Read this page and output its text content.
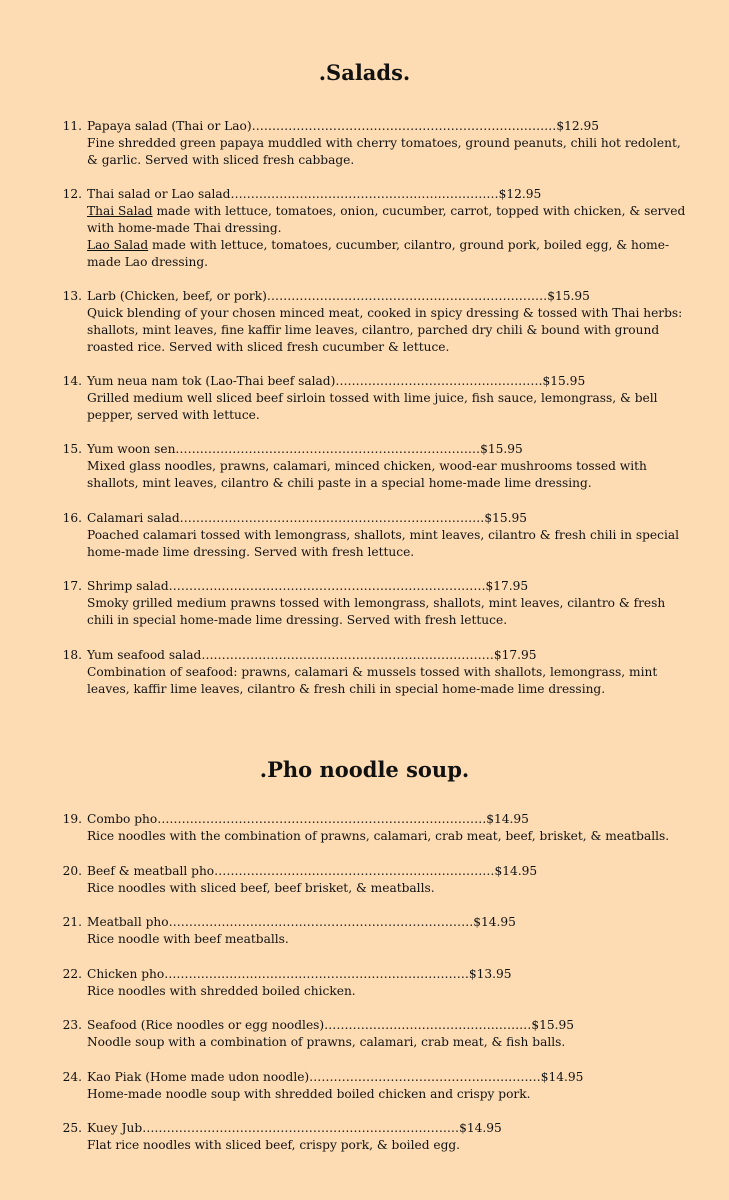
.Salads.
11. Papaya salad (Thai or Lao)…………………………………………………………………$12.95
Fine shredded green papaya muddled with cherry tomatoes, ground peanuts, chili hot redolent, & garlic. Served with sliced fresh cabbage.
12. Thai salad or Lao salad…………………………………………………………$12.95
Thai Salad made with lettuce, tomatoes, onion, cucumber, carrot, topped with chicken, & served with home-made Thai dressing.
Lao Salad made with lettuce, tomatoes, cucumber, cilantro, ground pork, boiled egg, & home-made Lao dressing.
13. Larb (Chicken, beef, or pork)……………………………………………………………$15.95
Quick blending of your chosen minced meat, cooked in spicy dressing & tossed with Thai herbs: shallots, mint leaves, fine kaffir lime leaves, cilantro, parched dry chili & bound with ground roasted rice. Served with sliced fresh cucumber & lettuce.
14. Yum neua nam tok (Lao-Thai beef salad)……………………………………………$15.95
Grilled medium well sliced beef sirloin tossed with lime juice, fish sauce, lemongrass, & bell pepper, served with lettuce.
15. Yum woon sen…………………………………………………………………$15.95
Mixed glass noodles, prawns, calamari, minced chicken, wood-ear mushrooms tossed with shallots, mint leaves, cilantro & chili paste in a special home-made lime dressing.
16. Calamari salad…………………………………………………………………$15.95
Poached calamari tossed with lemongrass, shallots, mint leaves, cilantro & fresh chili in special home-made lime dressing. Served with fresh lettuce.
17. Shrimp salad……………………………………………………………………$17.95
Smoky grilled medium prawns tossed with lemongrass, shallots, mint leaves, cilantro & fresh chili in special home-made lime dressing. Served with fresh lettuce.
18. Yum seafood salad………………………………………………………………$17.95
Combination of seafood: prawns, calamari & mussels tossed with shallots, lemongrass, mint leaves, kaffir lime leaves, cilantro & fresh chili in special home-made lime dressing.
.Pho noodle soup.
19. Combo pho………………………………………………………………………$14.95
Rice noodles with the combination of prawns, calamari, crab meat, beef, brisket, & meatballs.
20. Beef & meatball pho……………………………………………………………$14.95
Rice noodles with sliced beef, beef brisket, & meatballs.
21. Meatball pho…………………………………………………………………$14.95
Rice noodle with beef meatballs.
22. Chicken pho…………………………………………………………………$13.95
Rice noodles with shredded boiled chicken.
23. Seafood (Rice noodles or egg noodles)……………………………………………$15.95
Noodle soup with a combination of prawns, calamari, crab meat, & fish balls.
24. Kao Piak (Home made udon noodle)…………………………………………………$14.95
Home-made noodle soup with shredded boiled chicken and crispy pork.
25. Kuey Jub……………………………………………………………………$14.95
Flat rice noodles with sliced beef, crispy pork, & boiled egg.
